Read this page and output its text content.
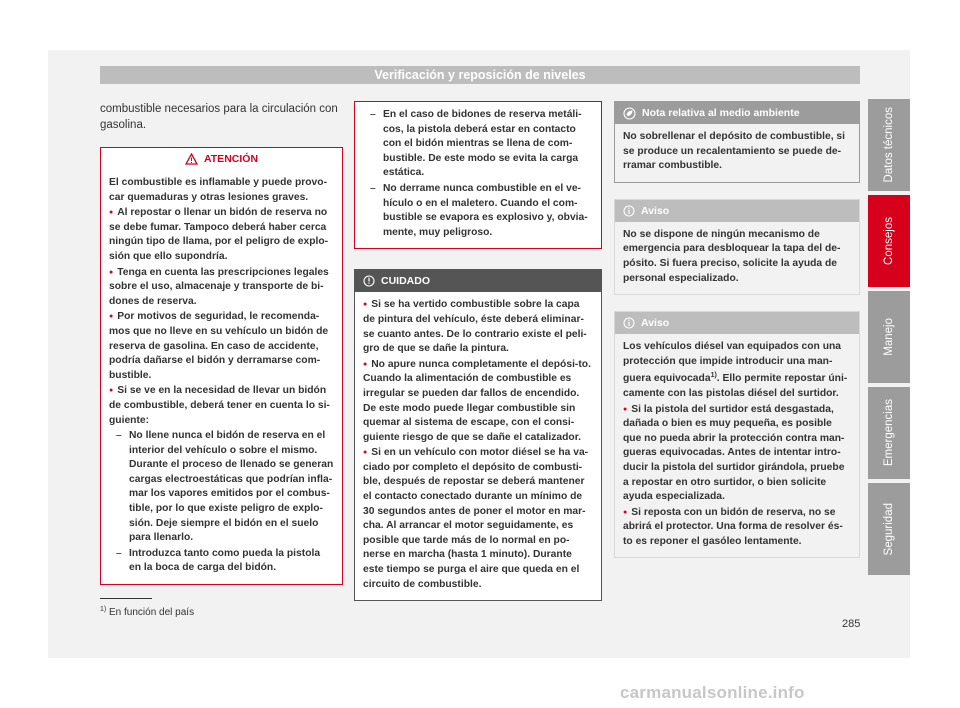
Verificación y reposición de niveles
combustible necesarios para la circulación con gasolina.
ATENCIÓN

El combustible es inflamable y puede provo-car quemaduras y otras lesiones graves.

● Al repostar o llenar un bidón de reserva no se debe fumar. Tampoco deberá haber cerca ningún tipo de llama, por el peligro de explo-sión que ello supondría.

● Tenga en cuenta las prescripciones legales sobre el uso, almacenaje y transporte de bi-dones de reserva.

● Por motivos de seguridad, le recomenda-mos que no lleve en su vehículo un bidón de reserva de gasolina. En caso de accidente, podría dañarse el bidón y derramarse com-bustible.

● Si se ve en la necesidad de llevar un bidón de combustible, deberá tener en cuenta lo si-guiente:

– No llene nunca el bidón de reserva en el interior del vehículo o sobre el mismo. Durante el proceso de llenado se generan cargas electroestáticas que podrían infla-mar los vapores emitidos por el combus-tible, por lo que existe peligro de explo-sión. Deje siempre el bidón en el suelo para llenarlo.

– Introduzca tanto como pueda la pistola en la boca de carga del bidón.

– En el caso de bidones de reserva metáli-cos, la pistola deberá estar en contacto con el bidón mientras se llena de com-bustible. De este modo se evita la carga estática.

– No derrame nunca combustible en el ve-hículo o en el maletero. Cuando el com-bustible se evapora es explosivo y, obvia-mente, muy peligroso.

CUIDADO

● Si se ha vertido combustible sobre la capa de pintura del vehículo, éste deberá eliminar-se cuanto antes. De lo contrario existe el peli-gro de que se dañe la pintura.

● No apure nunca completamente el depósi-to. Cuando la alimentación de combustible es irregular se pueden dar fallos de encendido. De este modo puede llegar combustible sin quemar al sistema de escape, con el consi-guiente riesgo de que se dañe el catalizador.

● Si en un vehículo con motor diésel se ha va-ciado por completo el depósito de combusti-ble, después de repostar se deberá mantener el contacto conectado durante un mínimo de 30 segundos antes de poner el motor en mar-cha. Al arrancar el motor seguidamente, es posible que tarde más de lo normal en po-nerse en marcha (hasta 1 minuto). Durante este tiempo se purga el aire que queda en el circuito de combustible.

Nota relativa al medio ambiente

No sobrellenar el depósito de combustible, si se produce un recalentamiento se puede de-rramar combustible.

Aviso

No se dispone de ningún mecanismo de emergencia para desbloquear la tapa del de-pósito. Si fuera preciso, solicite la ayuda de personal especializado.

Aviso

Los vehículos diésel van equipados con una protección que impide introducir una man-guera equivocada$^{1)}$. Ello permite repostar úni-camente con las pistolas diésel del surtidor.

● Si la pistola del surtidor está desgastada, dañada o bien es muy pequeña, es posible que no pueda abrir la protección contra man-gueras equivocadas. Antes de intentar intro-ducir la pistola del surtidor girándola, pruebe a repostar en otro surtidor, o bien solicite ayuda especializada.

● Si reposta con un bidón de reserva, no se abrirá el protector. Una forma de resolver és-to es reponer el gasóleo lentamente.

Datos técnicos
Consejos
Manejo
Emergencias
Seguridad
$^{1)}$ En función del país
285
carmanualsonline.info
